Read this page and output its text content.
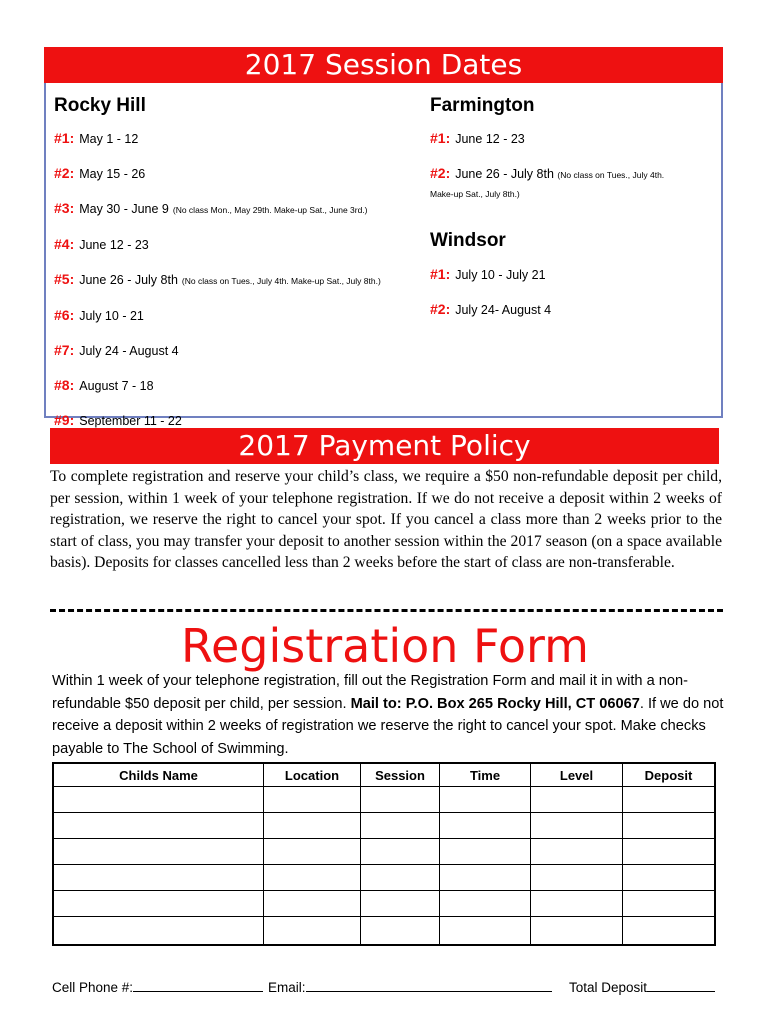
2017 Session Dates
Rocky Hill
#1: May 1 - 12
#2: May 15 - 26
#3: May 30 - June 9 (No class Mon., May 29th. Make-up Sat., June 3rd.)
#4: June 12 - 23
#5: June 26 - July 8th (No class on Tues., July 4th. Make-up Sat., July 8th.)
#6: July 10 - 21
#7: July 24 - August 4
#8: August 7 - 18
#9: September 11 - 22
Farmington
#1: June 12 - 23
#2: June 26 - July 8th (No class on Tues., July 4th.
Make-up Sat., July 8th.)
Windsor
#1: July 10 - July 21
#2: July 24- August 4
2017 Payment Policy
To complete registration and reserve your child’s class, we require a $50 non-refundable deposit per child, per session, within 1 week of your telephone registration. If we do not receive a deposit within 2 weeks of registration, we reserve the right to cancel your spot. If you cancel a class more than 2 weeks prior to the start of class, you may transfer your deposit to another session within the 2017 season (on a space available basis). Deposits for classes cancelled less than 2 weeks before the start of class are non-transferable.
Registration Form
Within 1 week of your telephone registration, fill out the Registration Form and mail it in with a non-refundable $50 deposit per child, per session. Mail to: P.O. Box 265 Rocky Hill, CT 06067. If we do not receive a deposit within 2 weeks of registration we reserve the right to cancel your spot. Make checks payable to The School of Swimming.
Childs Name	Location	Session	Time	Level	Deposit

Cell Phone #:	Email:	Total Deposit
